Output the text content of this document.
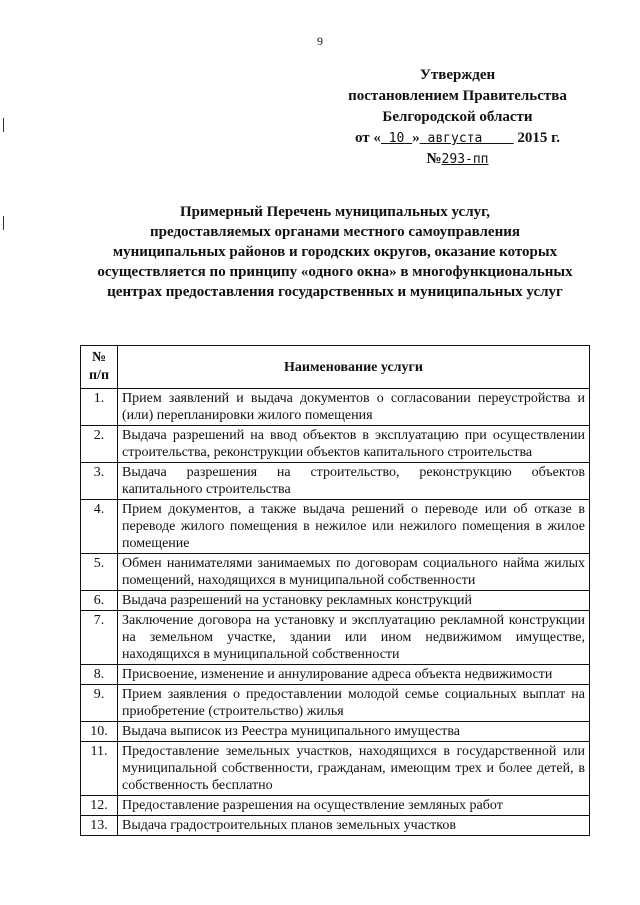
9
Утвержден
постановлением Правительства
Белгородской области
от « 10 » августа 2015 г.
№293-пп
Примерный Перечень муниципальных услуг,
предоставляемых органами местного самоуправления
муниципальных районов и городских округов, оказание которых
осуществляется по принципу «одного окна» в многофункциональных
центрах предоставления государственных и муниципальных услуг
№
п/п	Наименование услуги
1.	Прием заявлений и выдача документов о согласовании переустройства и (или) перепланировки жилого помещения
2.	Выдача разрешений на ввод объектов в эксплуатацию при осуществлении строительства, реконструкции объектов капитального строительства
3.	Выдача разрешения на строительство, реконструкцию объектов капитального строительства
4.	Прием документов, а также выдача решений о переводе или об отказе в переводе жилого помещения в нежилое или нежилого помещения в жилое помещение
5.	Обмен нанимателями занимаемых по договорам социального найма жилых помещений, находящихся в муниципальной собственности
6.	Выдача разрешений на установку рекламных конструкций
7.	Заключение договора на установку и эксплуатацию рекламной конструкции на земельном участке, здании или ином недвижимом имуществе, находящихся в муниципальной собственности
8.	Присвоение, изменение и аннулирование адреса объекта недвижимости
9.	Прием заявления о предоставлении молодой семье социальных выплат на приобретение (строительство) жилья
10.	Выдача выписок из Реестра муниципального имущества
11.	Предоставление земельных участков, находящихся в государственной или муниципальной собственности, гражданам, имеющим трех и более детей, в собственность бесплатно
12.	Предоставление разрешения на осуществление земляных работ
13.	Выдача градостроительных планов земельных участков
